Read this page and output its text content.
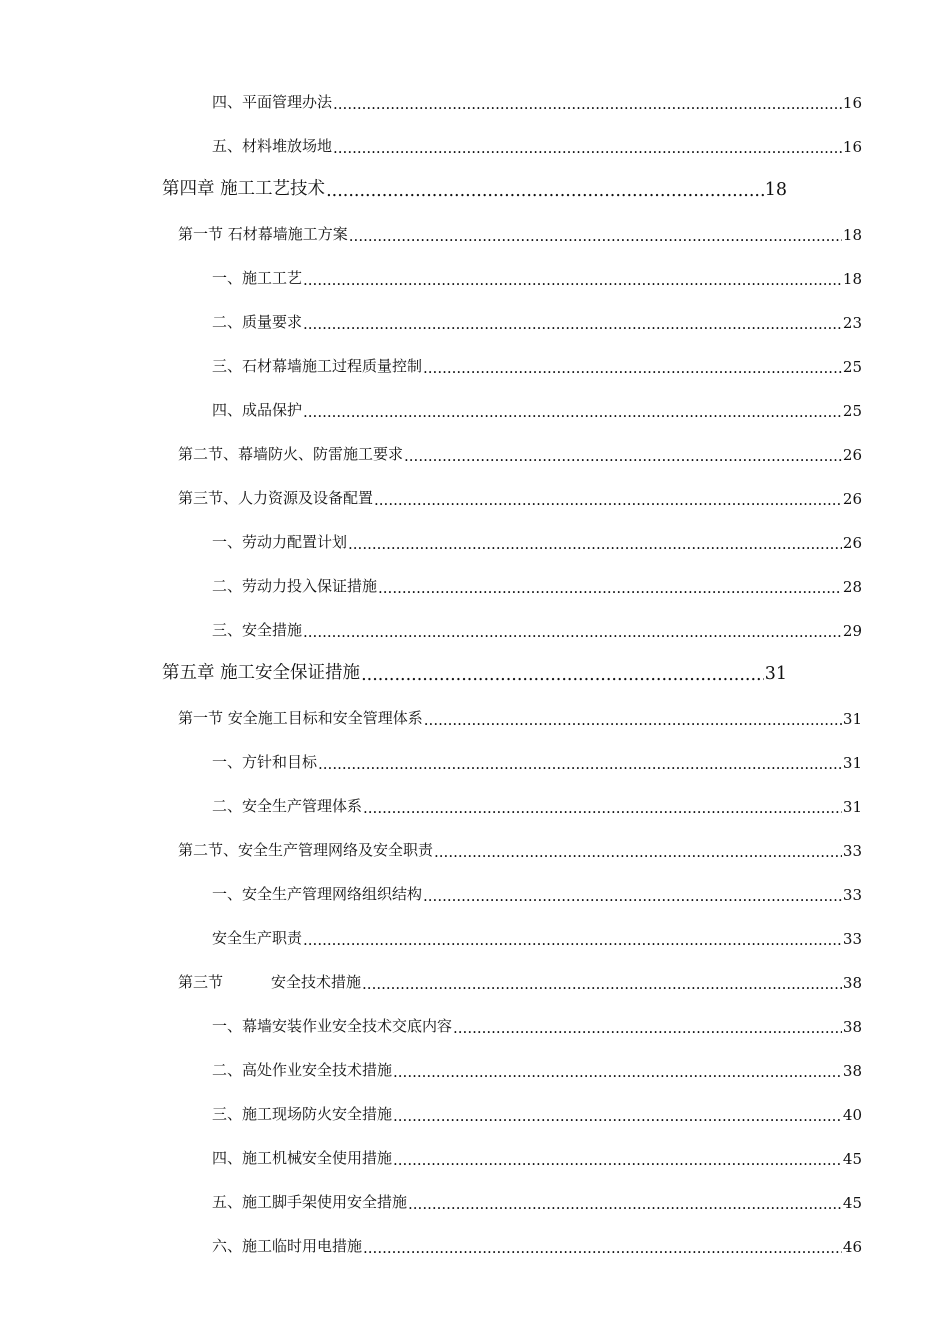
四、平面管理办法 .....	16
五、材料堆放场地 .....	16
第四章 施工工艺技术 .....	18
第一节 石材幕墙施工方案 .....	18
一、施工工艺 .....	18
二、质量要求 .....	23
三、石材幕墙施工过程质量控制 .....	25
四、成品保护 .....	25
第二节、幕墙防火、防雷施工要求 .....	26
第三节、人力资源及设备配置 .....	26
一、劳动力配置计划 .....	26
二、劳动力投入保证措施 .....	28
三、安全措施 .....	29
第五章 施工安全保证措施 .....	31
第一节 安全施工目标和安全管理体系 .....	31
一、方针和目标 .....	31
二、安全生产管理体系 .....	31
第二节、安全生产管理网络及安全职责 .....	33
一、安全生产管理网络组织结构 .....	33
安全生产职责 .....	33
第三节	安全技术措施 .....	38
一、幕墙安装作业安全技术交底内容 .....	38
二、高处作业安全技术措施 .....	38
三、施工现场防火安全措施 .....	40
四、施工机械安全使用措施 .....	45
五、施工脚手架使用安全措施 .....	45
六、施工临时用电措施 .....	46
